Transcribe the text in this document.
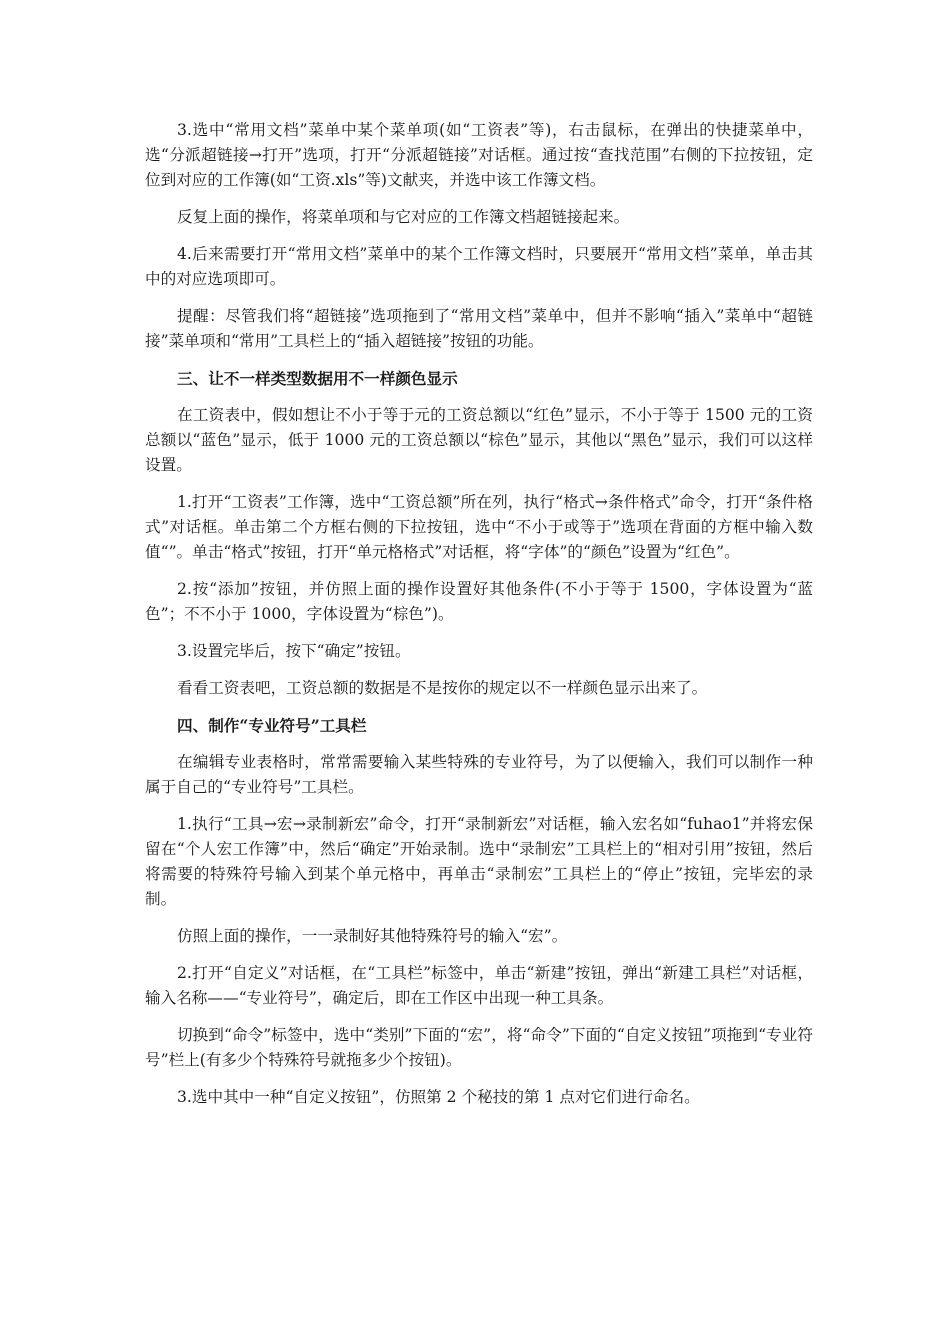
3.选中“常用文档”菜单中某个菜单项(如“工资表”等)，右击鼠标，在弹出的快捷菜单中，选“分派超链接→打开”选项，打开“分派超链接”对话框。通过按“查找范围”右侧的下拉按钮，定位到对应的工作簿(如“工资.xls”等)文献夹，并选中该工作簿文档。

反复上面的操作，将菜单项和与它对应的工作簿文档超链接起来。

4.后来需要打开“常用文档”菜单中的某个工作簿文档时，只要展开“常用文档”菜单，单击其中的对应选项即可。

提醒：尽管我们将“超链接”选项拖到了“常用文档”菜单中，但并不影响“插入”菜单中“超链接”菜单项和“常用”工具栏上的“插入超链接”按钮的功能。

三、让不一样类型数据用不一样颜色显示

在工资表中，假如想让不小于等于元的工资总额以“红色”显示，不小于等于 1500 元的工资总额以“蓝色”显示，低于 1000 元的工资总额以“棕色”显示，其他以“黑色”显示，我们可以这样设置。

1.打开“工资表”工作簿，选中“工资总额”所在列，执行“格式→条件格式”命令，打开“条件格式”对话框。单击第二个方框右侧的下拉按钮，选中“不小于或等于”选项在背面的方框中输入数值“”。单击“格式”按钮，打开“单元格格式”对话框，将“字体”的“颜色”设置为“红色”。

2.按“添加”按钮，并仿照上面的操作设置好其他条件(不小于等于 1500，字体设置为“蓝色”；不不小于 1000，字体设置为“棕色”)。

3.设置完毕后，按下“确定”按钮。

看看工资表吧，工资总额的数据是不是按你的规定以不一样颜色显示出来了。

四、制作“专业符号”工具栏

在编辑专业表格时，常常需要输入某些特殊的专业符号，为了以便输入，我们可以制作一种属于自己的“专业符号”工具栏。

1.执行“工具→宏→录制新宏”命令，打开“录制新宏”对话框，输入宏名如“fuhao1”并将宏保留在“个人宏工作簿”中，然后“确定”开始录制。选中“录制宏”工具栏上的“相对引用”按钮，然后将需要的特殊符号输入到某个单元格中，再单击“录制宏”工具栏上的“停止”按钮，完毕宏的录制。

仿照上面的操作，一一录制好其他特殊符号的输入“宏”。

2.打开“自定义”对话框，在“工具栏”标签中，单击“新建”按钮，弹出“新建工具栏”对话框，输入名称——“专业符号”，确定后，即在工作区中出现一种工具条。

切换到“命令”标签中，选中“类别”下面的“宏”，将“命令”下面的“自定义按钮”项拖到“专业符号”栏上(有多少个特殊符号就拖多少个按钮)。

3.选中其中一种“自定义按钮”，仿照第 2 个秘技的第 1 点对它们进行命名。
